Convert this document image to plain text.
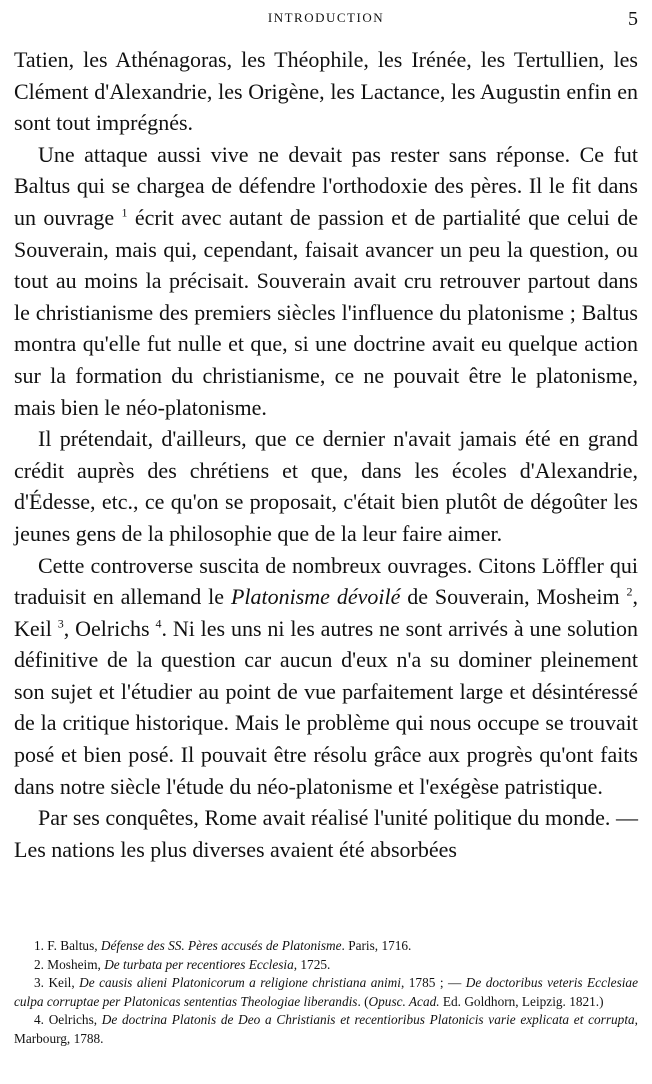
INTRODUCTION	5

Tatien, les Athénagoras, les Théophile, les Irénée, les Tertullien, les Clément d'Alexandrie, les Origène, les Lactance, les Augustin enfin en sont tout imprégnés.

Une attaque aussi vive ne devait pas rester sans réponse. Ce fut Baltus qui se chargea de défendre l'orthodoxie des pères. Il le fit dans un ouvrage $^1$ écrit avec autant de passion et de partialité que celui de Souverain, mais qui, cependant, faisait avancer un peu la question, ou tout au moins la précisait. Souverain avait cru retrouver partout dans le christianisme des premiers siècles l'influence du platonisme ; Baltus montra qu'elle fut nulle et que, si une doctrine avait eu quelque action sur la formation du christianisme, ce ne pouvait être le platonisme, mais bien le néo-platonisme.

Il prétendait, d'ailleurs, que ce dernier n'avait jamais été en grand crédit auprès des chrétiens et que, dans les écoles d'Alexandrie, d'Édesse, etc., ce qu'on se proposait, c'était bien plutôt de dégoûter les jeunes gens de la philosophie que de la leur faire aimer.

Cette controverse suscita de nombreux ouvrages. Citons Löffler qui traduisit en allemand le Platonisme dévoilé de Souverain, Mosheim $^2$, Keil $^3$, Oelrichs $^4$. Ni les uns ni les autres ne sont arrivés à une solution définitive de la question car aucun d'eux n'a su dominer pleinement son sujet et l'étudier au point de vue parfaitement large et désintéressé de la critique historique. Mais le problème qui nous occupe se trouvait posé et bien posé. Il pouvait être résolu grâce aux progrès qu'ont faits dans notre siècle l'étude du néo-platonisme et l'exégèse patristique.

Par ses conquêtes, Rome avait réalisé l'unité politique du monde. — Les nations les plus diverses avaient été absorbées

1. F. Baltus, Défense des SS. Pères accusés de Platonisme. Paris, 1716.

2. Mosheim, De turbata per recentiores Ecclesia, 1725.

3. Keil, De causis alieni Platonicorum a religione christiana animi, 1785 ; — De doctoribus veteris Ecclesiae culpa corruptae per Platonicas sententias Theologiae liberandis. (Opusc. Acad. Ed. Goldhorn, Leipzig. 1821.)

4. Oelrichs, De doctrina Platonis de Deo a Christianis et recentioribus Platonicis varie explicata et corrupta, Marbourg, 1788.
